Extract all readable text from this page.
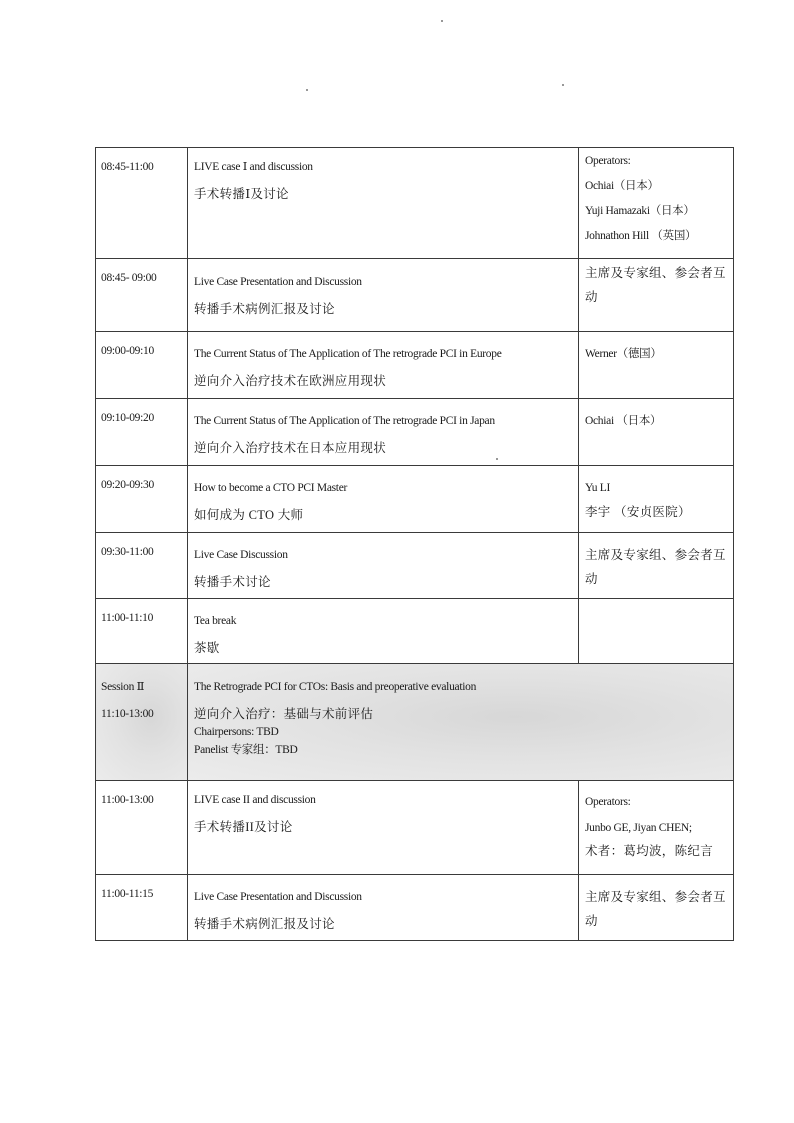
08:45-11:00	LIVE case Ⅰ and discussion
手术转播Ⅰ及讨论	Operators:
Ochiai（日本）
Yuji Hamazaki（日本）
Johnathon Hill （英国）

08:45- 09:00	Live Case Presentation and Discussion
转播手术病例汇报及讨论	主席及专家组、参会者互
动

09:00-09:10	The Current Status of The Application of The retrograde PCI in Europe
逆向介入治疗技术在欧洲应用现状	Werner（德国）

09:10-09:20	The Current Status of The Application of The retrograde PCI in Japan
逆向介入治疗技术在日本应用现状	Ochiai （日本）

09:20-09:30	How to become a CTO PCI Master
如何成为 CTO 大师	Yu LI
李宇 （安贞医院）

09:30-11:00	Live Case Discussion
转播手术讨论	主席及专家组、参会者互
动

11:00-11:10	Tea break
茶歇	

Session Ⅱ
11:10-13:00	The Retrograde PCI for CTOs: Basis and preoperative evaluation
逆向介入治疗：基础与术前评估
Chairpersons: TBD
Panelist 专家组：TBD	

11:00-13:00	LIVE case II and discussion
手术转播II及讨论	Operators:
Junbo GE, Jiyan CHEN;
术者：葛均波，陈纪言

11:00-11:15	Live Case Presentation and Discussion
转播手术病例汇报及讨论	主席及专家组、参会者互
动
